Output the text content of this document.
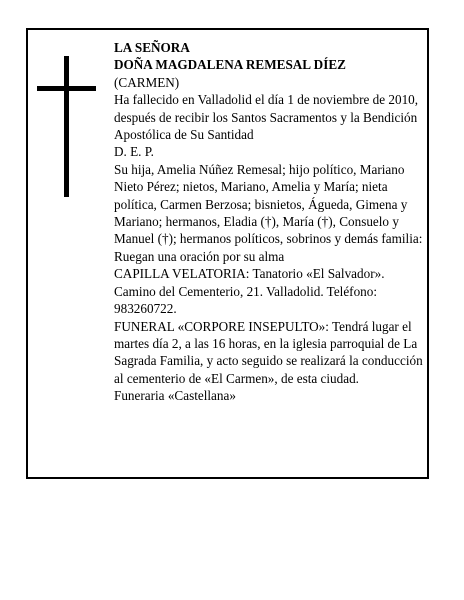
LA SEÑORA

DOÑA MAGDALENA REMESAL DÍEZ

(CARMEN)

Ha fallecido en Valladolid el día 1 de noviembre de 2010, después de recibir los Santos Sacramentos y la Bendición Apostólica de Su Santidad

D. E. P.

Su hija, Amelia Núñez Remesal; hijo político, Mariano Nieto Pérez; nietos, Mariano, Amelia y María; nieta política, Carmen Berzosa; bisnietos, Águeda, Gimena y Mariano; hermanos, Eladia (†), María (†), Consuelo y Manuel (†); hermanos políticos, sobrinos y demás familia:

Ruegan una oración por su alma

CAPILLA VELATORIA: Tanatorio «El Salvador». Camino del Cementerio, 21. Valladolid. Teléfono: 983260722.

FUNERAL «CORPORE INSEPULTO»: Tendrá lugar el martes día 2, a las 16 horas, en la iglesia parroquial de La Sagrada Familia, y acto seguido se realizará la conducción al cementerio de «El Carmen», de esta ciudad.

Funeraria «Castellana»
